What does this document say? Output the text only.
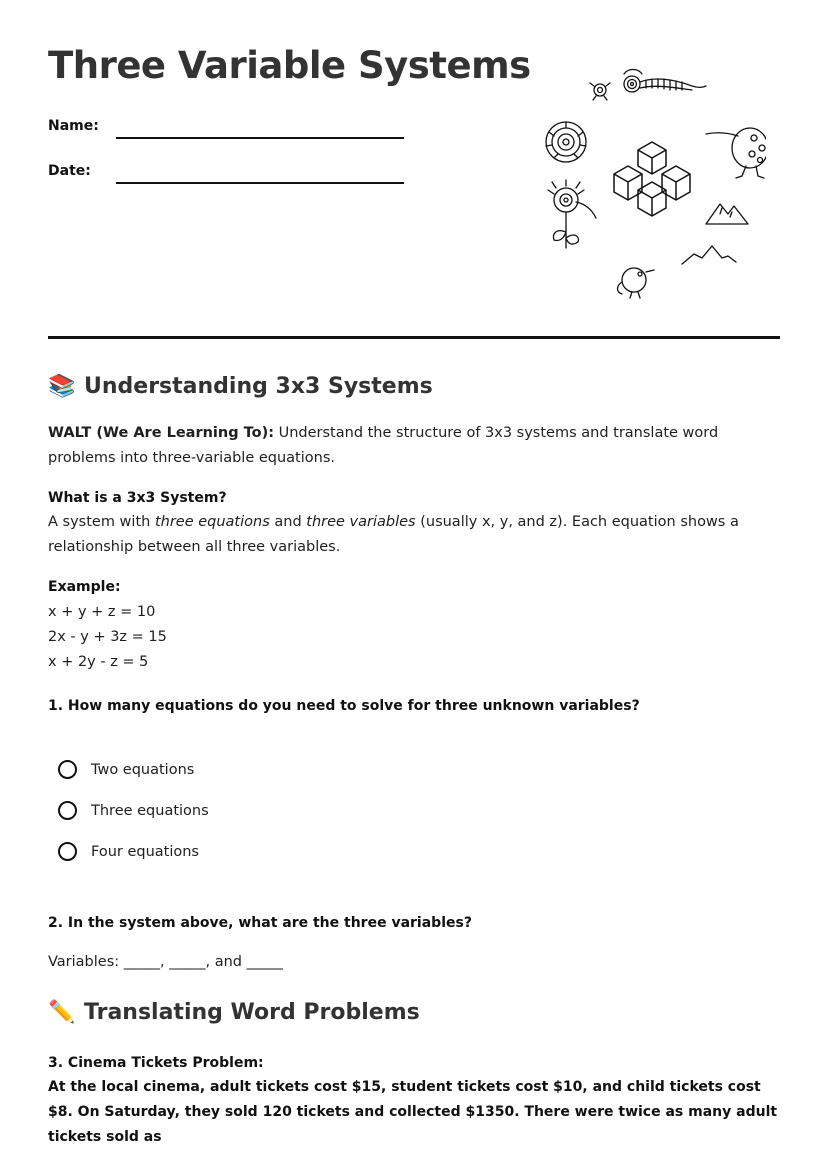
Three Variable Systems
Name:
Date:
📚 Understanding 3x3 Systems
WALT (We Are Learning To): Understand the structure of 3x3 systems and translate word problems into three-variable equations.
What is a 3x3 System?
A system with three equations and three variables (usually x, y, and z). Each equation shows a relationship between all three variables.
Example:
x + y + z = 10
2x - y + 3z = 15
x + 2y - z = 5
1. How many equations do you need to solve for three unknown variables?
Two equations
Three equations
Four equations
2. In the system above, what are the three variables?
Variables: _____, _____, and _____
✏️ Translating Word Problems
3. Cinema Tickets Problem:
At the local cinema, adult tickets cost $15, student tickets cost $10, and child tickets cost $8. On Saturday, they sold 120 tickets and collected $1350. There were twice as many adult tickets sold as
